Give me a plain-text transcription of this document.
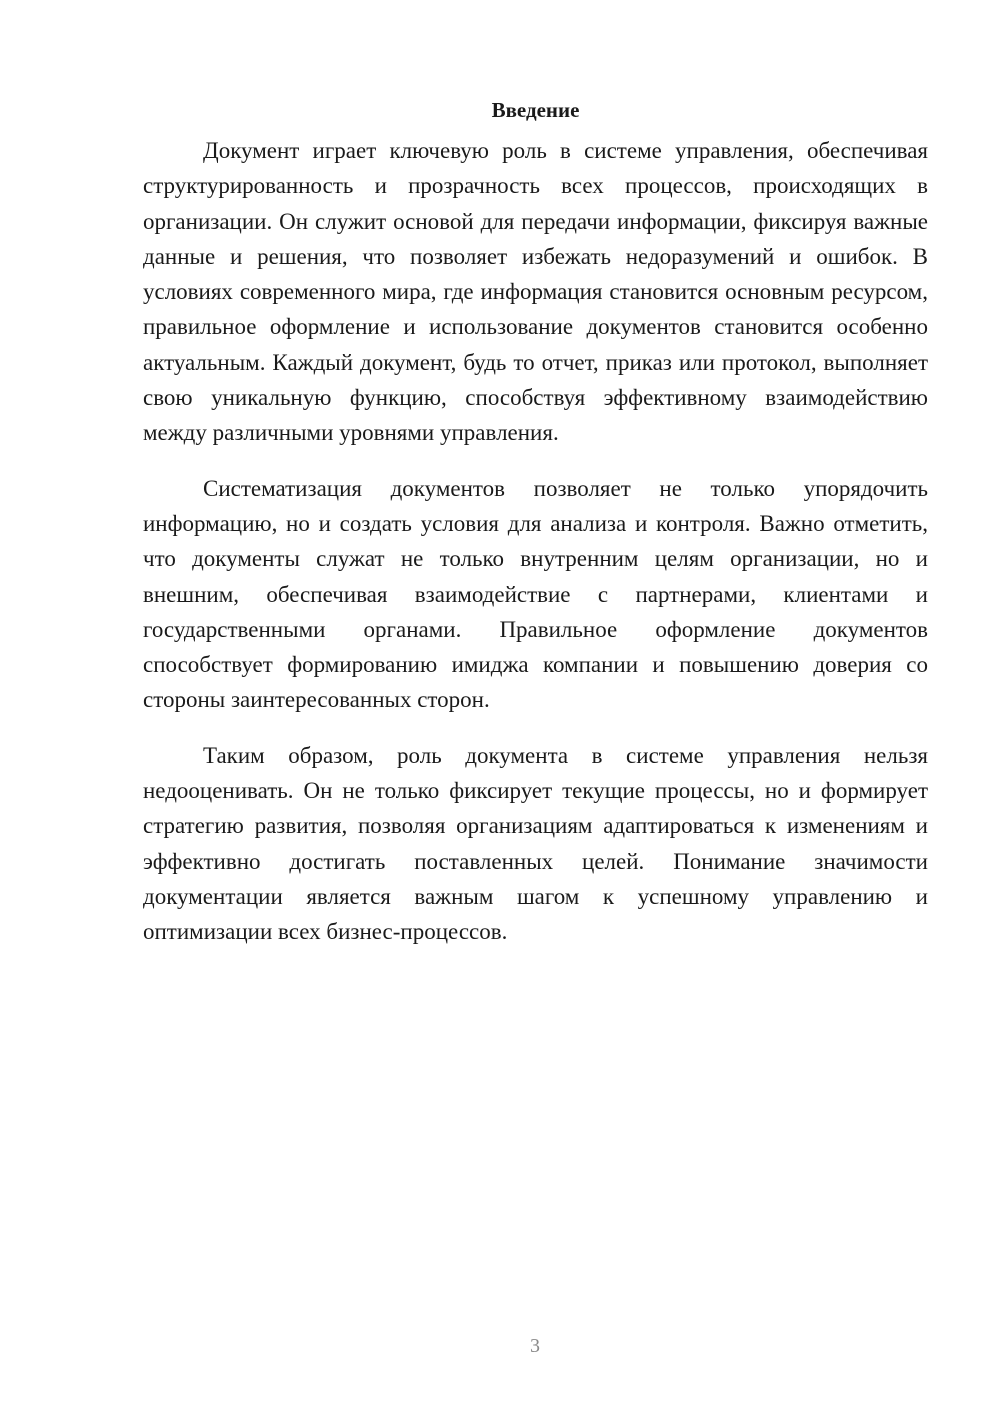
Введение

Документ играет ключевую роль в системе управления, обеспечивая структурированность и прозрачность всех процессов, происходящих в организации. Он служит основой для передачи информации, фиксируя важные данные и решения, что позволяет избежать недоразумений и ошибок. В условиях современного мира, где информация становится основным ресурсом, правильное оформление и использование документов становится особенно актуальным. Каждый документ, будь то отчет, приказ или протокол, выполняет свою уникальную функцию, способствуя эффективному взаимодействию между различными уровнями управления.

Систематизация документов позволяет не только упорядочить информацию, но и создать условия для анализа и контроля. Важно отметить, что документы служат не только внутренним целям организации, но и внешним, обеспечивая взаимодействие с партнерами, клиентами и государственными органами. Правильное оформление документов способствует формированию имиджа компании и повышению доверия со стороны заинтересованных сторон.

Таким образом, роль документа в системе управления нельзя недооценивать. Он не только фиксирует текущие процессы, но и формирует стратегию развития, позволяя организациям адаптироваться к изменениям и эффективно достигать поставленных целей. Понимание значимости документации является важным шагом к успешному управлению и оптимизации всех бизнес-процессов.

3
